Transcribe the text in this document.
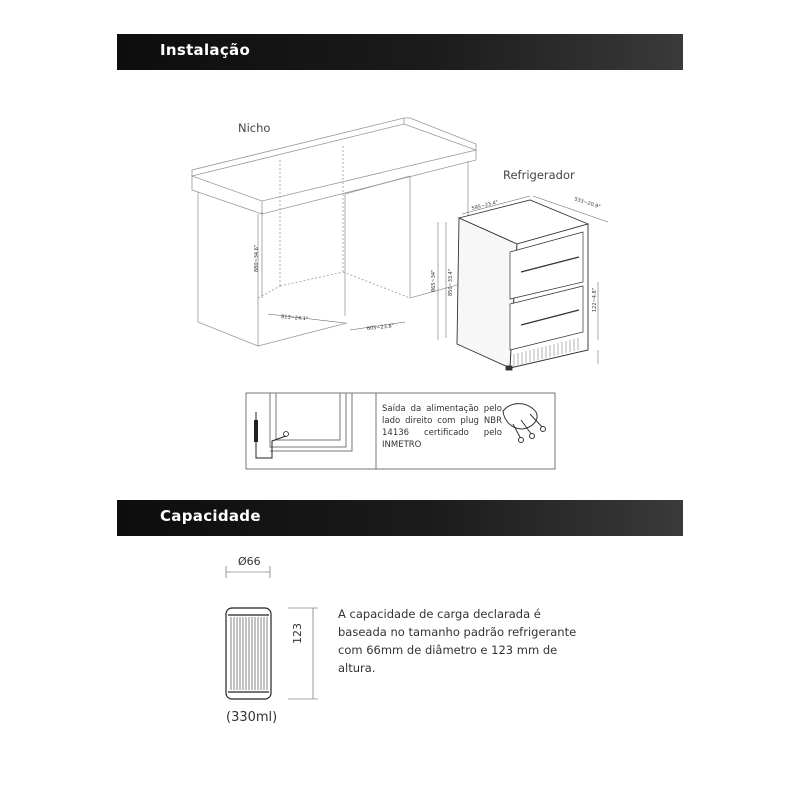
Instalação
Nicho
Refrigerador
880~34.6"
813~24.1"
605~23.8"
865~34" 850~33.4"
595~23.4"	533~20.9"
122~4.8"
Saída da alimentação pelo lado direito com plug NBR 14136 certificado pelo INMETRO
Capacidade
Ø66
123
(330ml)
A capacidade de carga declarada é baseada no tamanho padrão refrigerante com 66mm de diâmetro e 123 mm de altura.
